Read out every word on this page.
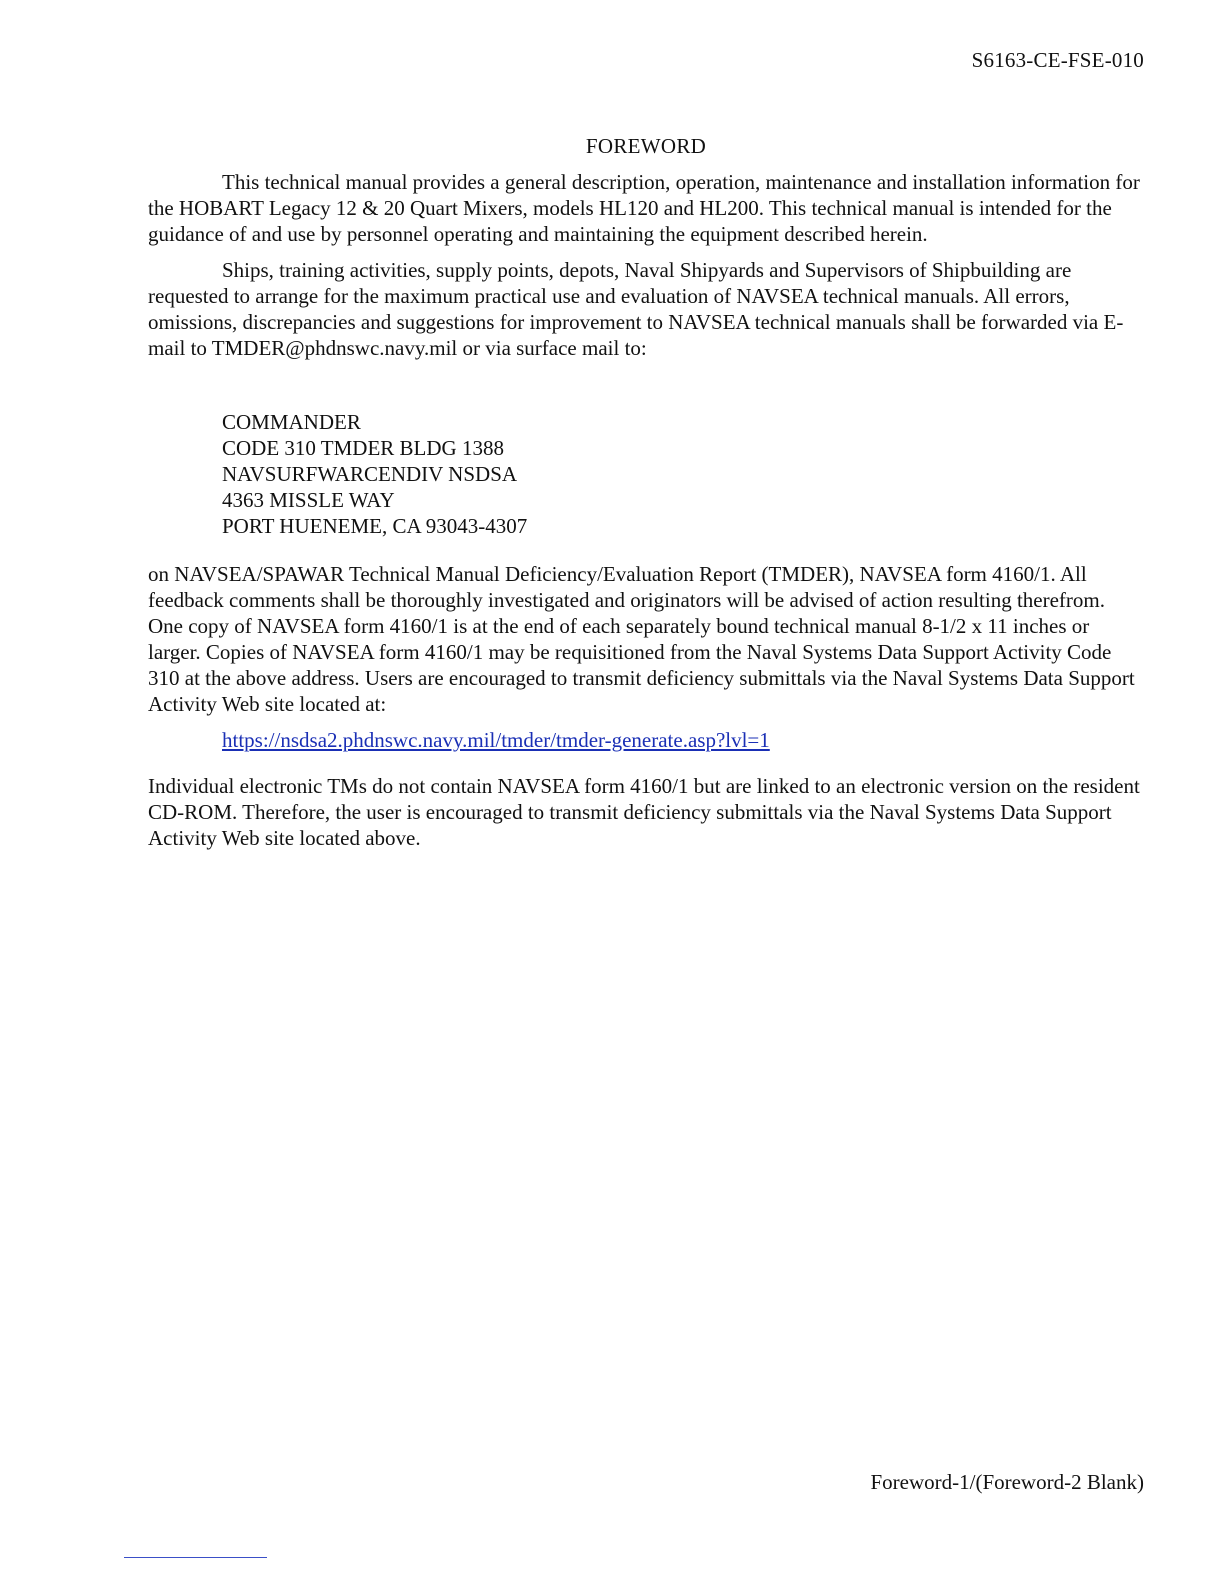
S6163-CE-FSE-010
FOREWORD

This technical manual provides a general description, operation, maintenance and installation information for the HOBART Legacy 12 & 20 Quart Mixers, models HL120 and HL200. This technical manual is intended for the guidance of and use by personnel operating and maintaining the equipment described herein.

Ships, training activities, supply points, depots, Naval Shipyards and Supervisors of Shipbuilding are requested to arrange for the maximum practical use and evaluation of NAVSEA technical manuals. All errors, omissions, discrepancies and suggestions for improvement to NAVSEA technical manuals shall be forwarded via E-mail to TMDER@phdnswc.navy.mil or via surface mail to:

COMMANDER
CODE 310 TMDER BLDG 1388
NAVSURFWARCENDIV NSDSA
4363 MISSLE WAY
PORT HUENEME, CA 93043-4307

on NAVSEA/SPAWAR Technical Manual Deficiency/Evaluation Report (TMDER), NAVSEA form 4160/1. All feedback comments shall be thoroughly investigated and originators will be advised of action resulting therefrom. One copy of NAVSEA form 4160/1 is at the end of each separately bound technical manual 8-1/2 x 11 inches or larger. Copies of NAVSEA form 4160/1 may be requisitioned from the Naval Systems Data Support Activity Code 310 at the above address. Users are encouraged to transmit deficiency submittals via the Naval Systems Data Support Activity Web site located at:

https://nsdsa2.phdnswc.navy.mil/tmder/tmder-generate.asp?lvl=1

Individual electronic TMs do not contain NAVSEA form 4160/1 but are linked to an electronic version on the resident CD-ROM. Therefore, the user is encouraged to transmit deficiency submittals via the Naval Systems Data Support Activity Web site located above.

Foreword-1/(Foreword-2 Blank)
